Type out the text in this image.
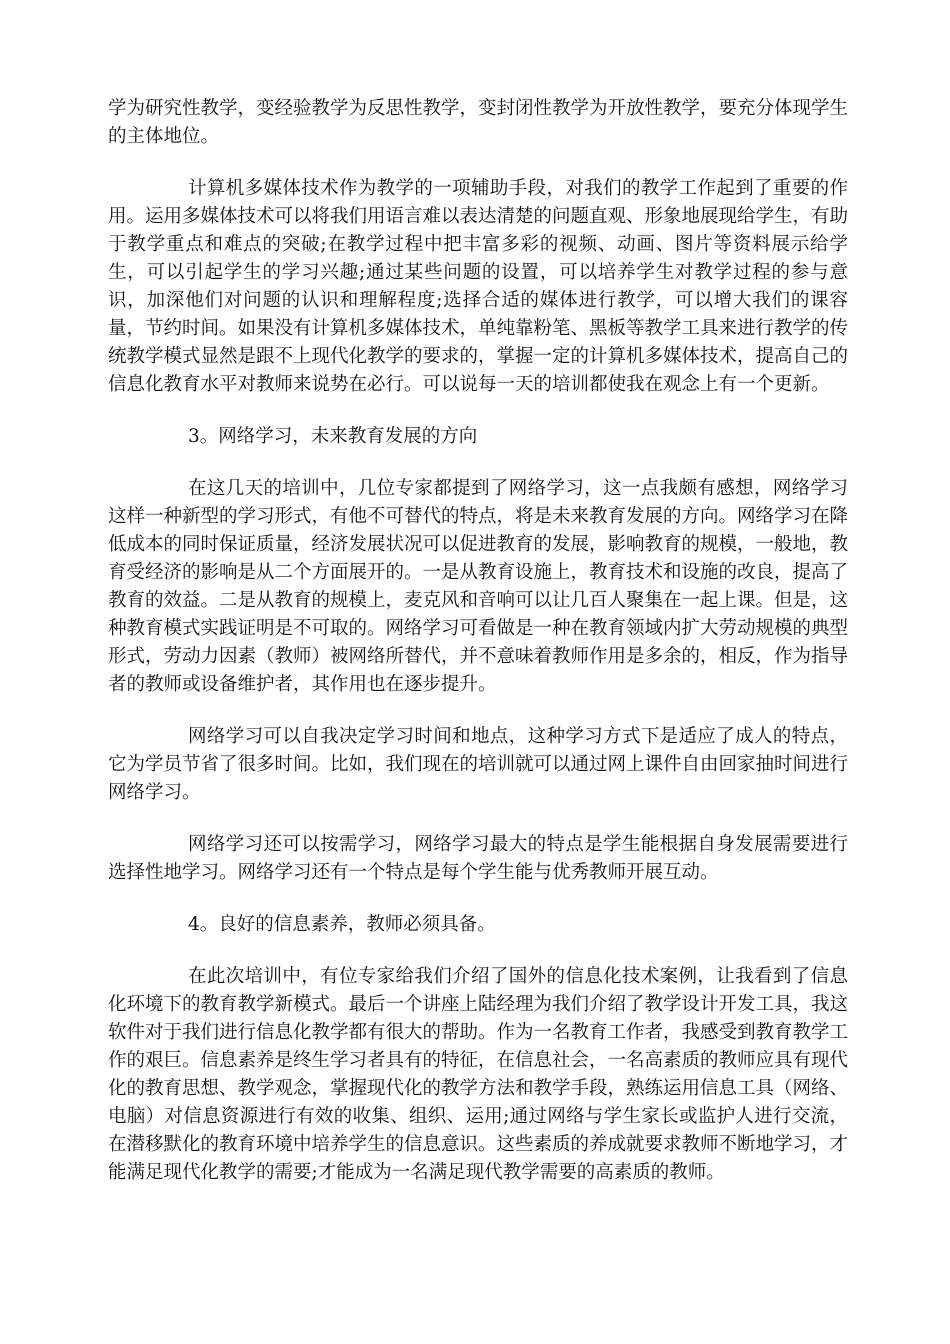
学为研究性教学，变经验教学为反思性教学，变封闭性教学为开放性教学，要充分体现学生的主体地位。

计算机多媒体技术作为教学的一项辅助手段，对我们的教学工作起到了重要的作用。运用多媒体技术可以将我们用语言难以表达清楚的问题直观、形象地展现给学生，有助于教学重点和难点的突破;在教学过程中把丰富多彩的视频、动画、图片等资料展示给学生，可以引起学生的学习兴趣;通过某些问题的设置，可以培养学生对教学过程的参与意识，加深他们对问题的认识和理解程度;选择合适的媒体进行教学，可以增大我们的课容量，节约时间。如果没有计算机多媒体技术，单纯靠粉笔、黑板等教学工具来进行教学的传统教学模式显然是跟不上现代化教学的要求的，掌握一定的计算机多媒体技术，提高自己的信息化教育水平对教师来说势在必行。可以说每一天的培训都使我在观念上有一个更新。

3。网络学习，未来教育发展的方向

在这几天的培训中，几位专家都提到了网络学习，这一点我颇有感想，网络学习这样一种新型的学习形式，有他不可替代的特点，将是未来教育发展的方向。网络学习在降低成本的同时保证质量，经济发展状况可以促进教育的发展，影响教育的规模，一般地，教育受经济的影响是从二个方面展开的。一是从教育设施上，教育技术和设施的改良，提高了教育的效益。二是从教育的规模上，麦克风和音响可以让几百人聚集在一起上课。但是，这种教育模式实践证明是不可取的。网络学习可看做是一种在教育领域内扩大劳动规模的典型形式，劳动力因素（教师）被网络所替代，并不意味着教师作用是多余的，相反，作为指导者的教师或设备维护者，其作用也在逐步提升。

网络学习可以自我决定学习时间和地点，这种学习方式下是适应了成人的特点，它为学员节省了很多时间。比如，我们现在的培训就可以通过网上课件自由回家抽时间进行网络学习。

网络学习还可以按需学习，网络学习最大的特点是学生能根据自身发展需要进行选择性地学习。网络学习还有一个特点是每个学生能与优秀教师开展互动。

4。良好的信息素养，教师必须具备。

在此次培训中，有位专家给我们介绍了国外的信息化技术案例，让我看到了信息化环境下的教育教学新模式。最后一个讲座上陆经理为我们介绍了教学设计开发工具，我这软件对于我们进行信息化教学都有很大的帮助。作为一名教育工作者，我感受到教育教学工作的艰巨。信息素养是终生学习者具有的特征，在信息社会，一名高素质的教师应具有现代化的教育思想、教学观念，掌握现代化的教学方法和教学手段，熟练运用信息工具（网络、电脑）对信息资源进行有效的收集、组织、运用;通过网络与学生家长或监护人进行交流，在潜移默化的教育环境中培养学生的信息意识。这些素质的养成就要求教师不断地学习，才能满足现代化教学的需要;才能成为一名满足现代教学需要的高素质的教师。
